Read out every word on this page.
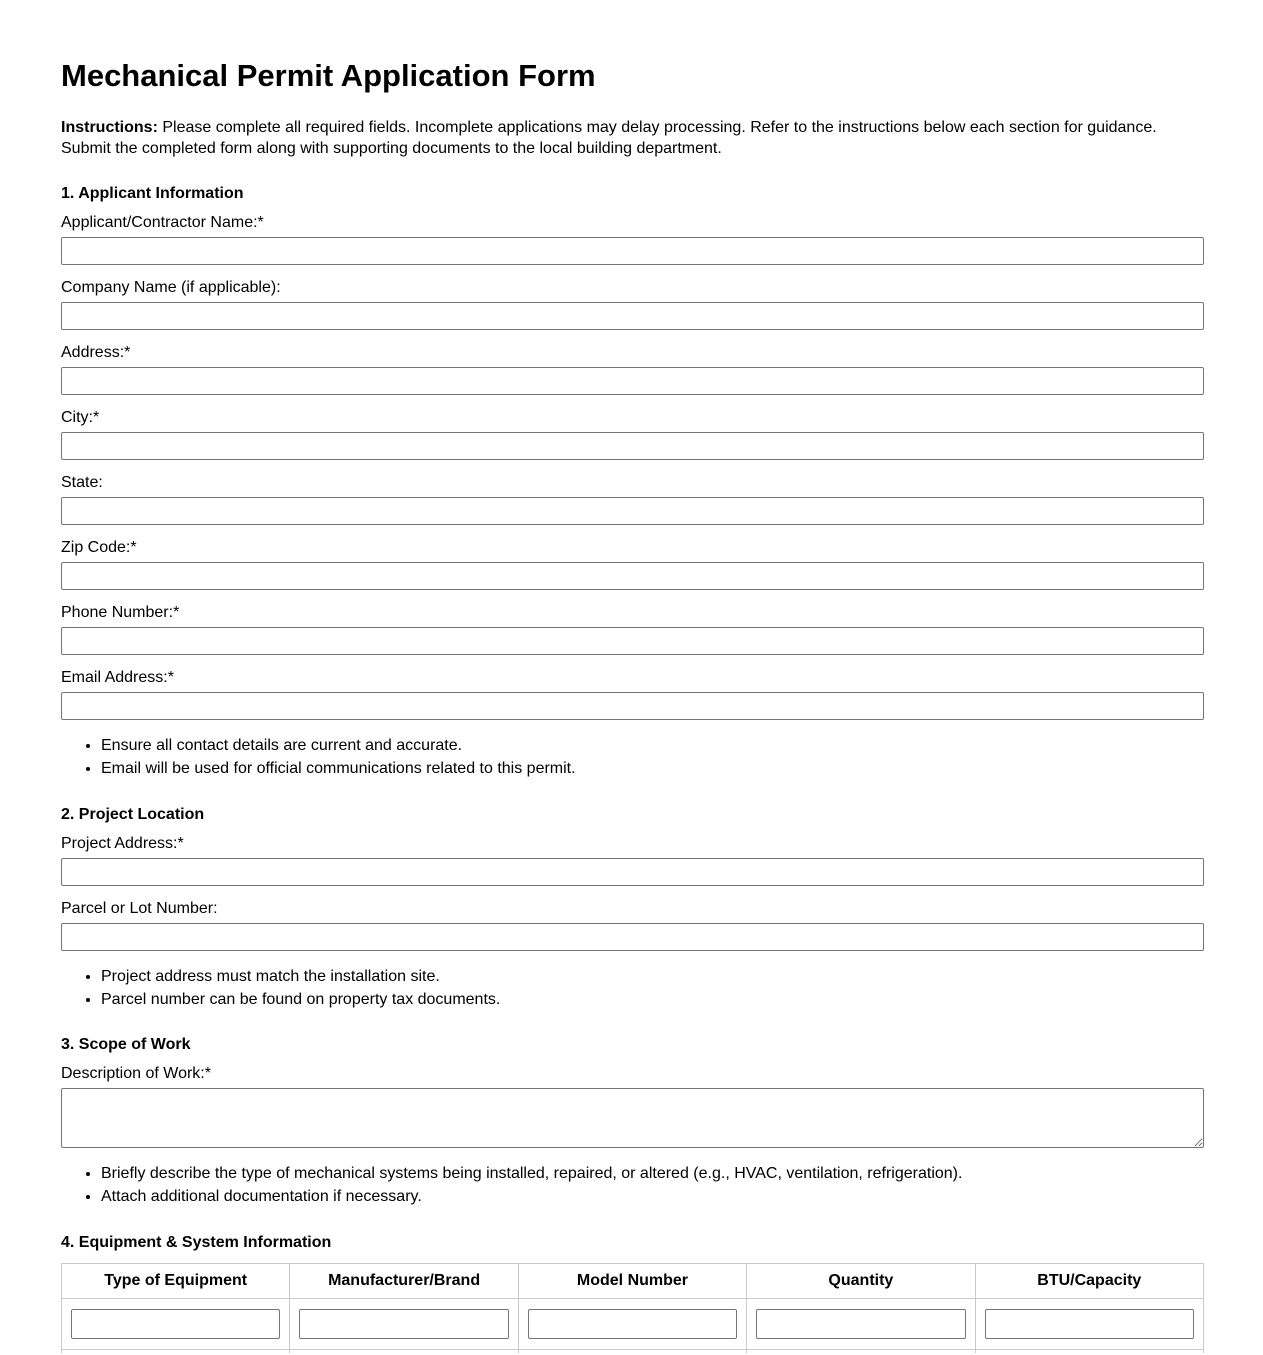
Mechanical Permit Application Form

Instructions: Please complete all required fields. Incomplete applications may delay processing. Refer to the instructions below each section for guidance. Submit the completed form along with supporting documents to the local building department.

1. Applicant Information
Applicant/Contractor Name:*
Company Name (if applicable):
Address:*
City:*
State:
Zip Code:*
Phone Number:*
Email Address:*
• Ensure all contact details are current and accurate.
• Email will be used for official communications related to this permit.
2. Project Location
Project Address:*
Parcel or Lot Number:
• Project address must match the installation site.
• Parcel number can be found on property tax documents.
3. Scope of Work
Description of Work:*
• Briefly describe the type of mechanical systems being installed, repaired, or altered (e.g., HVAC, ventilation, refrigeration).
• Attach additional documentation if necessary.
4. Equipment & System Information
Type of Equipment	Manufacturer/Brand	Model Number	Quantity	BTU/Capacity
